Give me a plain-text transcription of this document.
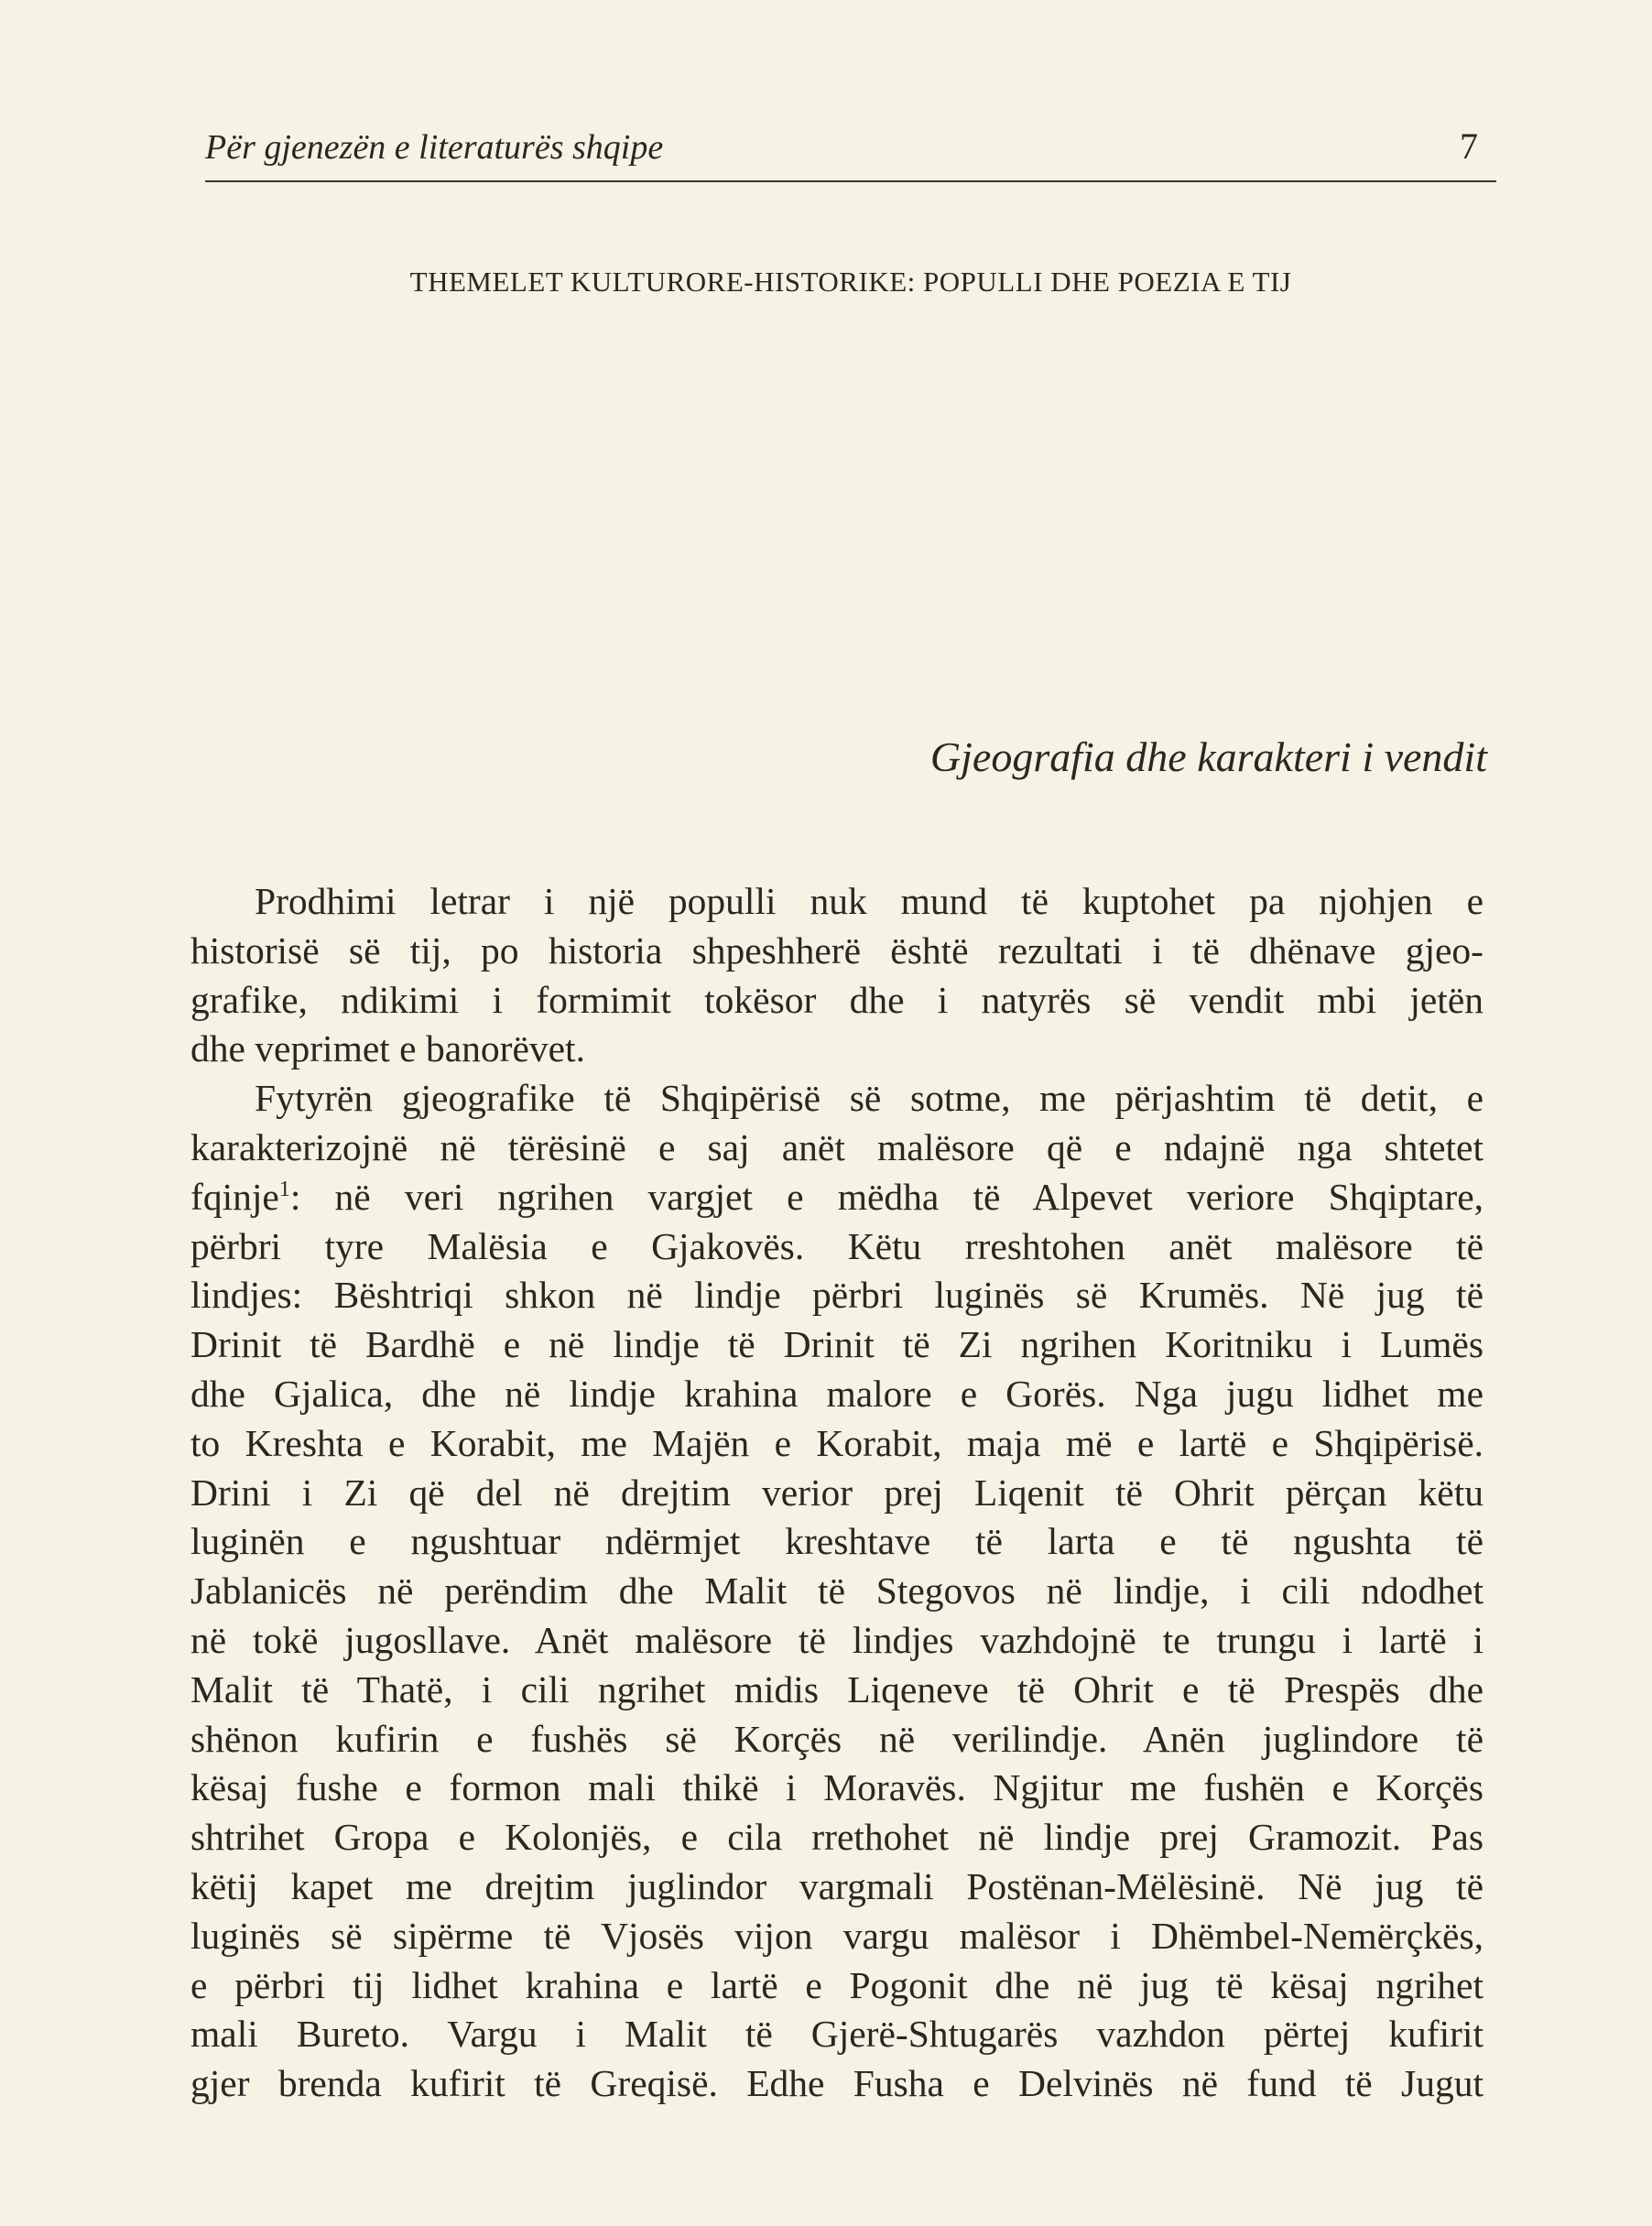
Për gjenezën e literaturës shqipe	7
THEMELET KULTURORE-HISTORIKE: POPULLI DHE POEZIA E TIJ
Gjeografia dhe karakteri i vendit
Prodhimi letrar i një populli nuk mund të kuptohet pa njohjen e
historisë së tij, po historia shpeshherë është rezultati i të dhënave gjeo-
grafike, ndikimi i formimit tokësor dhe i natyrës së vendit mbi jetën
dhe veprimet e banorëvet.
Fytyrën gjeografike të Shqipërisë së sotme, me përjashtim të detit, e
karakterizojnë në tërësinë e saj anët malësore që e ndajnë nga shtetet
fqinje$^1$: në veri ngrihen vargjet e mëdha të Alpevet veriore Shqiptare,
përbri tyre Malësia e Gjakovës. Këtu rreshtohen anët malësore të
lindjes: Bështriqi shkon në lindje përbri luginës së Krumës. Në jug të
Drinit të Bardhë e në lindje të Drinit të Zi ngrihen Koritniku i Lumës
dhe Gjalica, dhe në lindje krahina malore e Gorës. Nga jugu lidhet me
to Kreshta e Korabit, me Majën e Korabit, maja më e lartë e Shqipërisë.
Drini i Zi që del në drejtim verior prej Liqenit të Ohrit përçan këtu
luginën e ngushtuar ndërmjet kreshtave të larta e të ngushta të
Jablanicës në perëndim dhe Malit të Stegovos në lindje, i cili ndodhet
në tokë jugosllave. Anët malësore të lindjes vazhdojnë te trungu i lartë i
Malit të Thatë, i cili ngrihet midis Liqeneve të Ohrit e të Prespës dhe
shënon kufirin e fushës së Korçës në verilindje. Anën juglindore të
kësaj fushe e formon mali thikë i Moravës. Ngjitur me fushën e Korçës
shtrihet Gropa e Kolonjës, e cila rrethohet në lindje prej Gramozit. Pas
këtij kapet me drejtim juglindor vargmali Postënan-Mëlësinë. Në jug të
luginës së sipërme të Vjosës vijon vargu malësor i Dhëmbel-Nemërçkës,
e përbri tij lidhet krahina e lartë e Pogonit dhe në jug të kësaj ngrihet
mali Bureto. Vargu i Malit të Gjerë-Shtugarës vazhdon përtej kufirit
gjer brenda kufirit të Greqisë. Edhe Fusha e Delvinës në fund të Jugut
